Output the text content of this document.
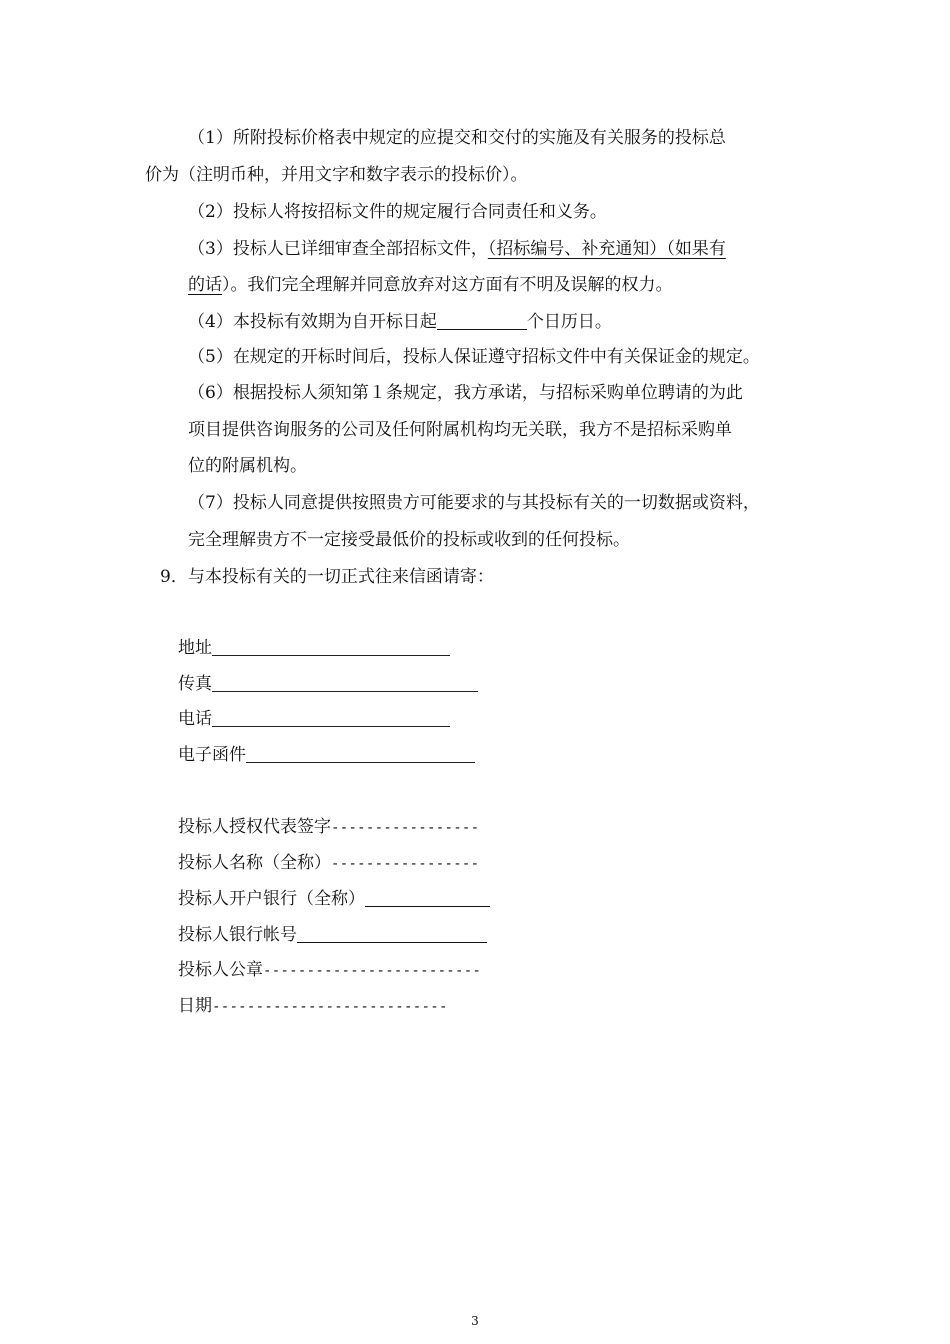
（1）所附投标价格表中规定的应提交和交付的实施及有关服务的投标总
价为（注明币种，并用文字和数字表示的投标价）。
（2）投标人将按招标文件的规定履行合同责任和义务。
（3）投标人已详细审查全部招标文件，（招标编号、补充通知）（如果有
的话）。我们完全理解并同意放弃对这方面有不明及误解的权力。
（4）本投标有效期为自开标日起	个日历日。
（5）在规定的开标时间后，投标人保证遵守招标文件中有关保证金的规定。
（6）根据投标人须知第１条规定，我方承诺，与招标采购单位聘请的为此
项目提供咨询服务的公司及任何附属机构均无关联，我方不是招标采购单
位的附属机构。
（7）投标人同意提供按照贵方可能要求的与其投标有关的一切数据或资料，
完全理解贵方不一定接受最低价的投标或收到的任何投标。
9．与本投标有关的一切正式往来信函请寄：
地址
传真
电话
电子函件
投标人授权代表签字-----------------
投标人名称（全称）-----------------
投标人开户银行（全称）
投标人银行帐号
投标人公章-------------------------
日期---------------------------
3
